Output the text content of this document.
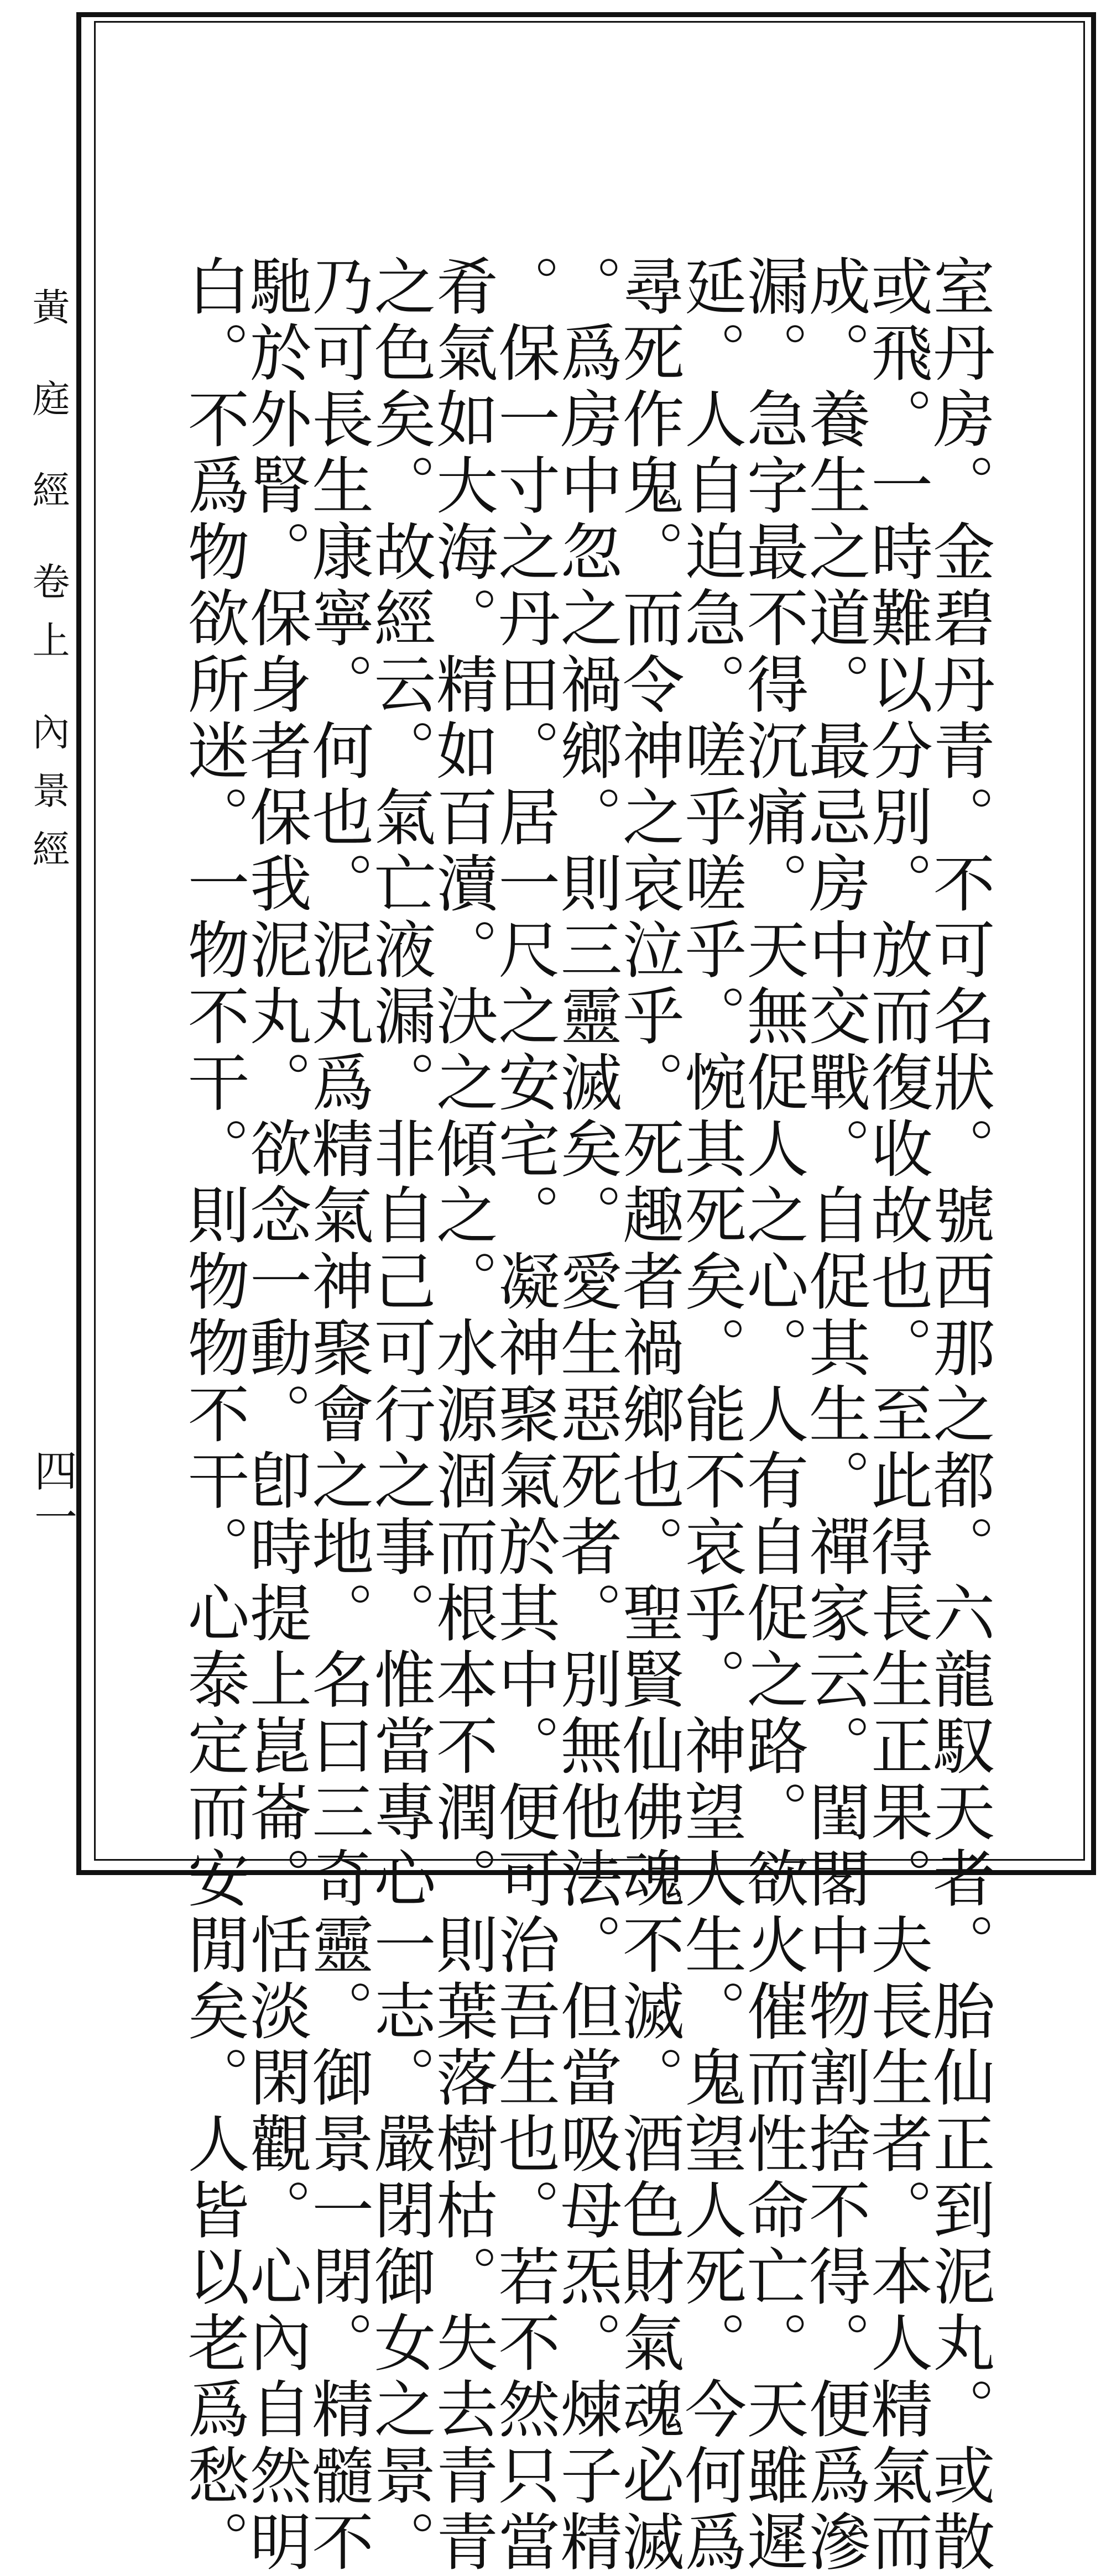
黃 庭 經 卷上 內景經
四一	室丹房。金碧丹青。不可名狀。號西那之都。六龍馭天者。胎仙正到泥丸。或散
或飛。一時難以分別。放而復收故也。至此得長生正果。夫長生者。本人精氣而
成。養生之道。最忌房中交戰。自促其生。禪家云。閨閣中物割捨不得。便爲滲
漏。急字最不得沉痛。天無促人之心。人有自促之路。欲火催而性命亡。天雖遲
延。人自迫急。嗟乎嗟乎。惋其死矣。能不哀乎。神望人生。鬼望人死。今何爲
尋死作鬼。而令神之哀泣乎。死趣者禍鄉也。聖賢仙佛魂不滅。酒色財氣魂必滅
。爲房中忽之禍鄉。則三靈滅矣。愛生惡死者。別無他法。但當吸母炁。煉子精
。保一寸之丹田。居一尺之安宅。凝神聚氣於其中。便可治吾生也。若不然只當
肴氣如大海。精如百瀆。決之傾之。水源涸而根本不潤。則葉落樹枯。失去青青
之色矣。故經云。氣亡液漏。非自己可行之事。惟當專心一志。嚴閉御女之景。
乃可長生康寧。何也。泥丸爲精氣神聚會之地。名曰三奇靈。御景一閉。精髓不
馳於外腎。保身者保我泥丸。欲念一動。卽時提上崑崙。恬淡閑觀。心內自然明
白。不爲物欲所迷。一物不干。則物物不干。心泰定而安閒矣。人皆以老爲愁。
